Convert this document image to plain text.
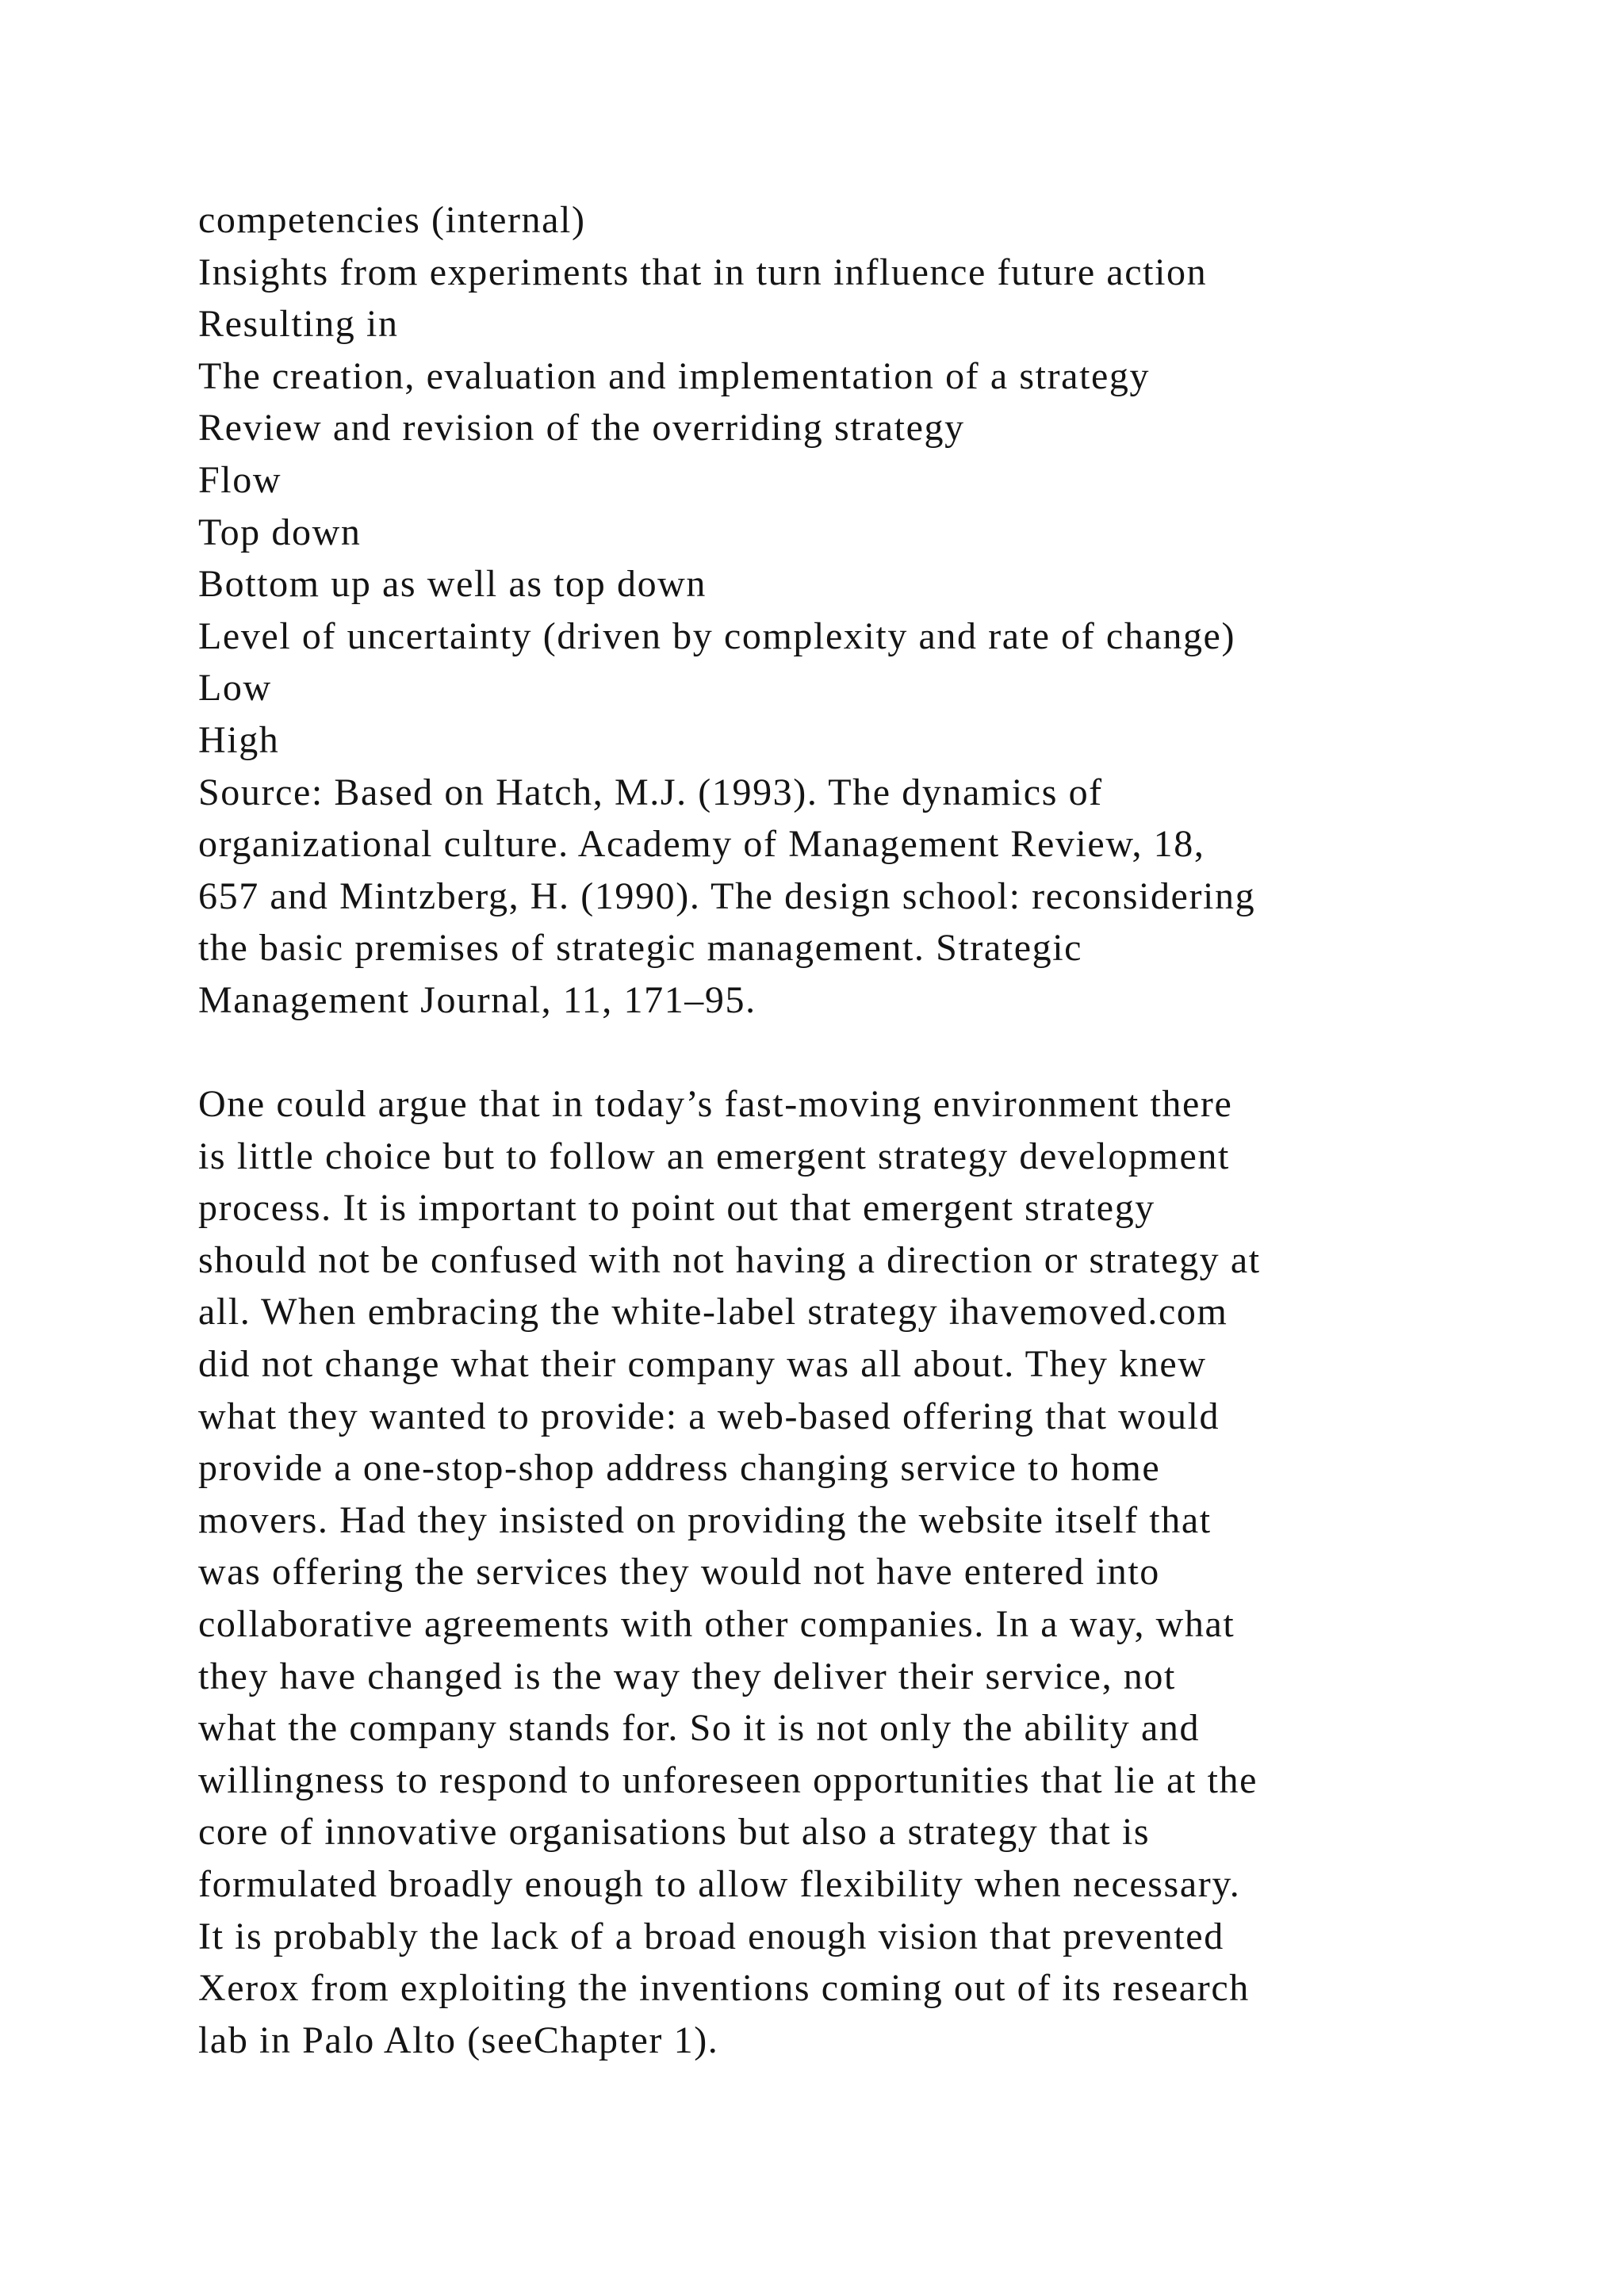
competencies (internal)

Insights from experiments that in turn influence future action

Resulting in

The creation, evaluation and implementation of a strategy

Review and revision of the overriding strategy

Flow

Top down

Bottom up as well as top down

Level of uncertainty (driven by complexity and rate of change)

Low

High

Source: Based on Hatch, M.J. (1993). The dynamics of

organizational culture. Academy of Management Review, 18,

657 and Mintzberg, H. (1990). The design school: reconsidering

the basic premises of strategic management. Strategic

Management Journal, 11, 171–95.

One could argue that in today’s fast-moving environment there

is little choice but to follow an emergent strategy development

process. It is important to point out that emergent strategy

should not be confused with not having a direction or strategy at

all. When embracing the white-label strategy ihavemoved.com

did not change what their company was all about. They knew

what they wanted to provide: a web-based offering that would

provide a one-stop-shop address changing service to home

movers. Had they insisted on providing the website itself that

was offering the services they would not have entered into

collaborative agreements with other companies. In a way, what

they have changed is the way they deliver their service, not

what the company stands for. So it is not only the ability and

willingness to respond to unforeseen opportunities that lie at the

core of innovative organisations but also a strategy that is

formulated broadly enough to allow flexibility when necessary.

It is probably the lack of a broad enough vision that prevented

Xerox from exploiting the inventions coming out of its research

lab in Palo Alto (seeChapter 1).
